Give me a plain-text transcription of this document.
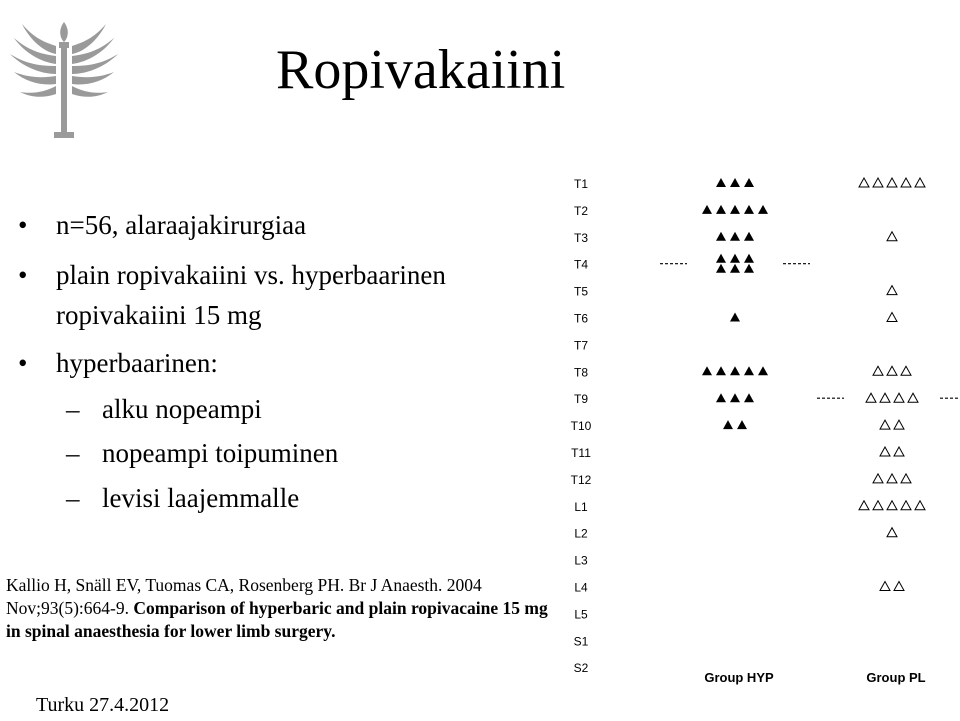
Ropivakaiini
• n=56, alaraajakirurgiaa
• plain ropivakaiini vs. hyperbaarinen
ropivakaiini 15 mg
• hyperbaarinen:
– alku nopeampi
– nopeampi toipuminen
– levisi laajemmalle
Kallio H, Snäll EV, Tuomas CA, Rosenberg PH. Br J Anaesth. 2004 Nov;93(5):664-9. Comparison of hyperbaric and plain ropivacaine 15 mg in spinal anaesthesia for lower limb surgery.
Turku 27.4.2012
T1
T2
T3
T4
T5
T6
T7
T8
T9
T10
T11
T12
L1
L2
L3
L4
L5
S1
S2
Group HYP	Group PL
